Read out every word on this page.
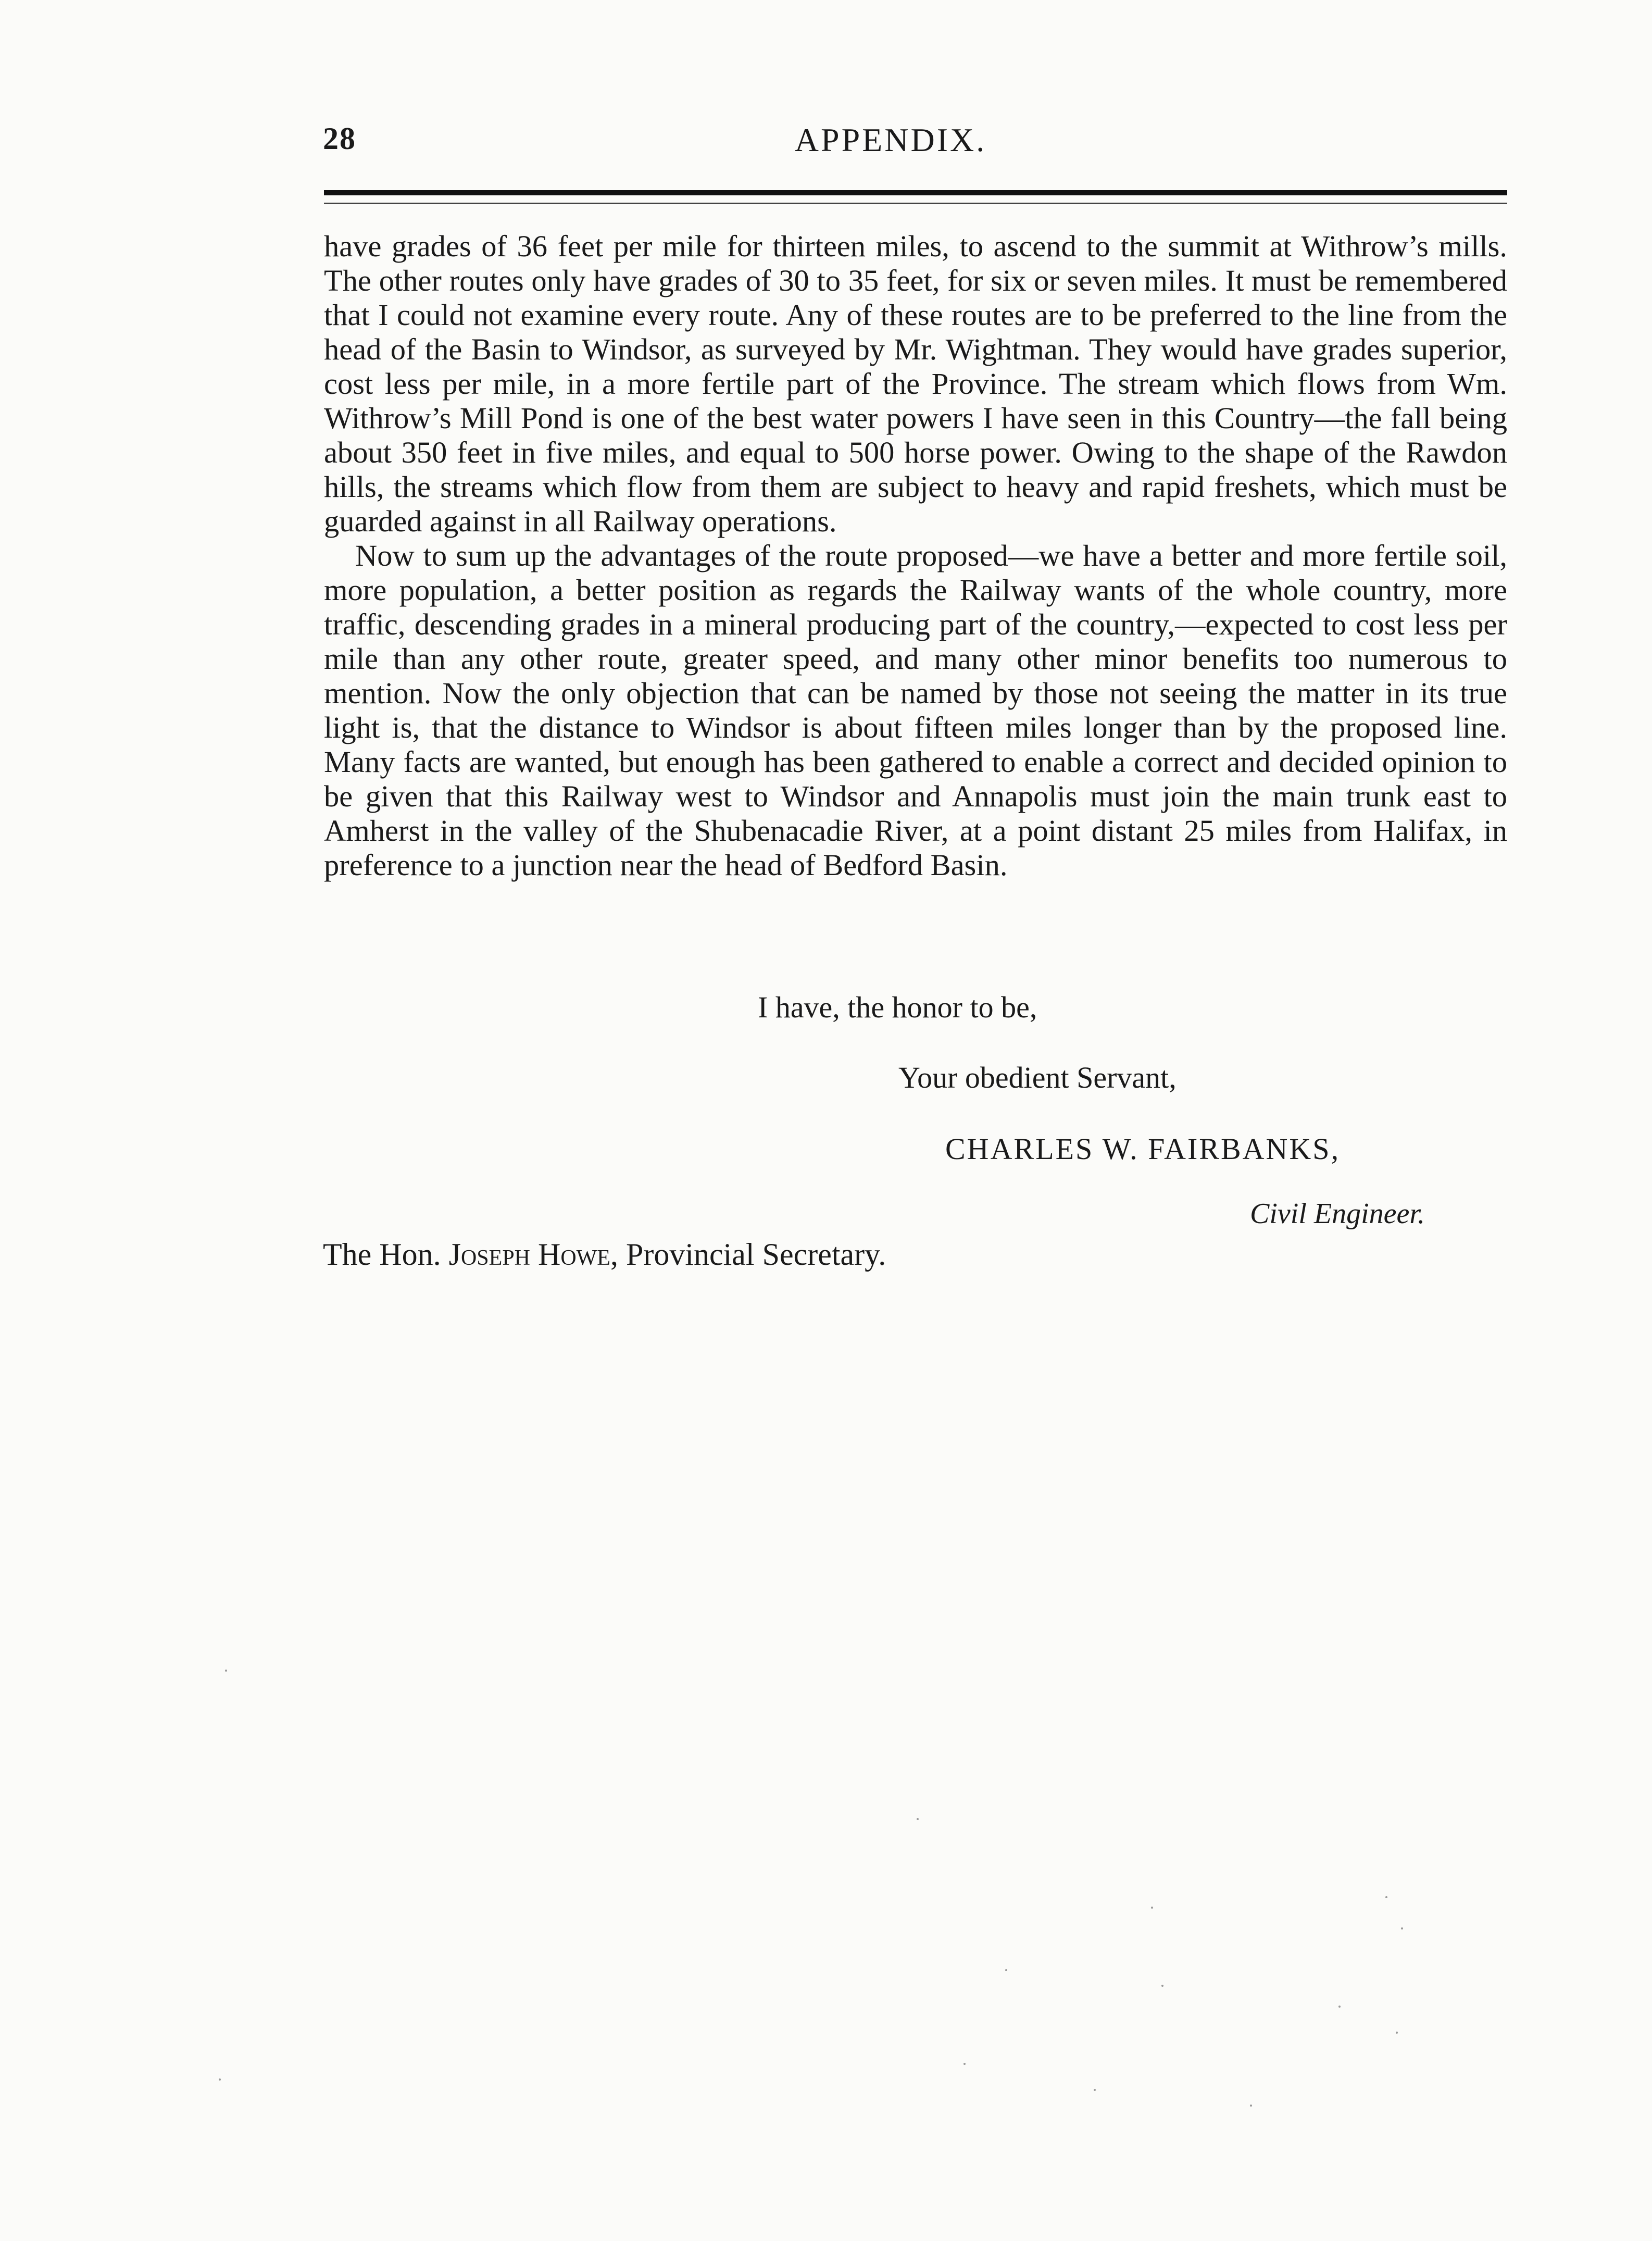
28	APPENDIX.

have grades of 36 feet per mile for thirteen miles, to ascend to the summit at Withrow’s mills. The other routes only have grades of 30 to 35 feet, for six or seven miles. It must be remembered that I could not examine every route. Any of these routes are to be preferred to the line from the head of the Basin to Windsor, as surveyed by Mr. Wightman. They would have grades superior, cost less per mile, in a more fertile part of the Province. The stream which flows from Wm. Withrow’s Mill Pond is one of the best water powers I have seen in this Country—the fall being about 350 feet in five miles, and equal to 500 horse power. Owing to the shape of the Rawdon hills, the streams which flow from them are subject to heavy and rapid freshets, which must be guarded against in all Railway operations.

Now to sum up the advantages of the route proposed—we have a better and more fertile soil, more population, a better position as regards the Railway wants of the whole country, more traffic, descending grades in a mineral producing part of the country,—expected to cost less per mile than any other route, greater speed, and many other minor benefits too numerous to mention. Now the only objection that can be named by those not seeing the matter in its true light is, that the distance to Windsor is about fifteen miles longer than by the proposed line. Many facts are wanted, but enough has been gathered to enable a correct and decided opinion to be given that this Railway west to Windsor and Annapolis must join the main trunk east to Amherst in the valley of the Shubenacadie River, at a point distant 25 miles from Halifax, in preference to a junction near the head of Bedford Basin.

I have, the honor to be,
Your obedient Servant,
CHARLES W. FAIRBANKS,
Civil Engineer.
The Hon. Joseph Howe, Provincial Secretary.
